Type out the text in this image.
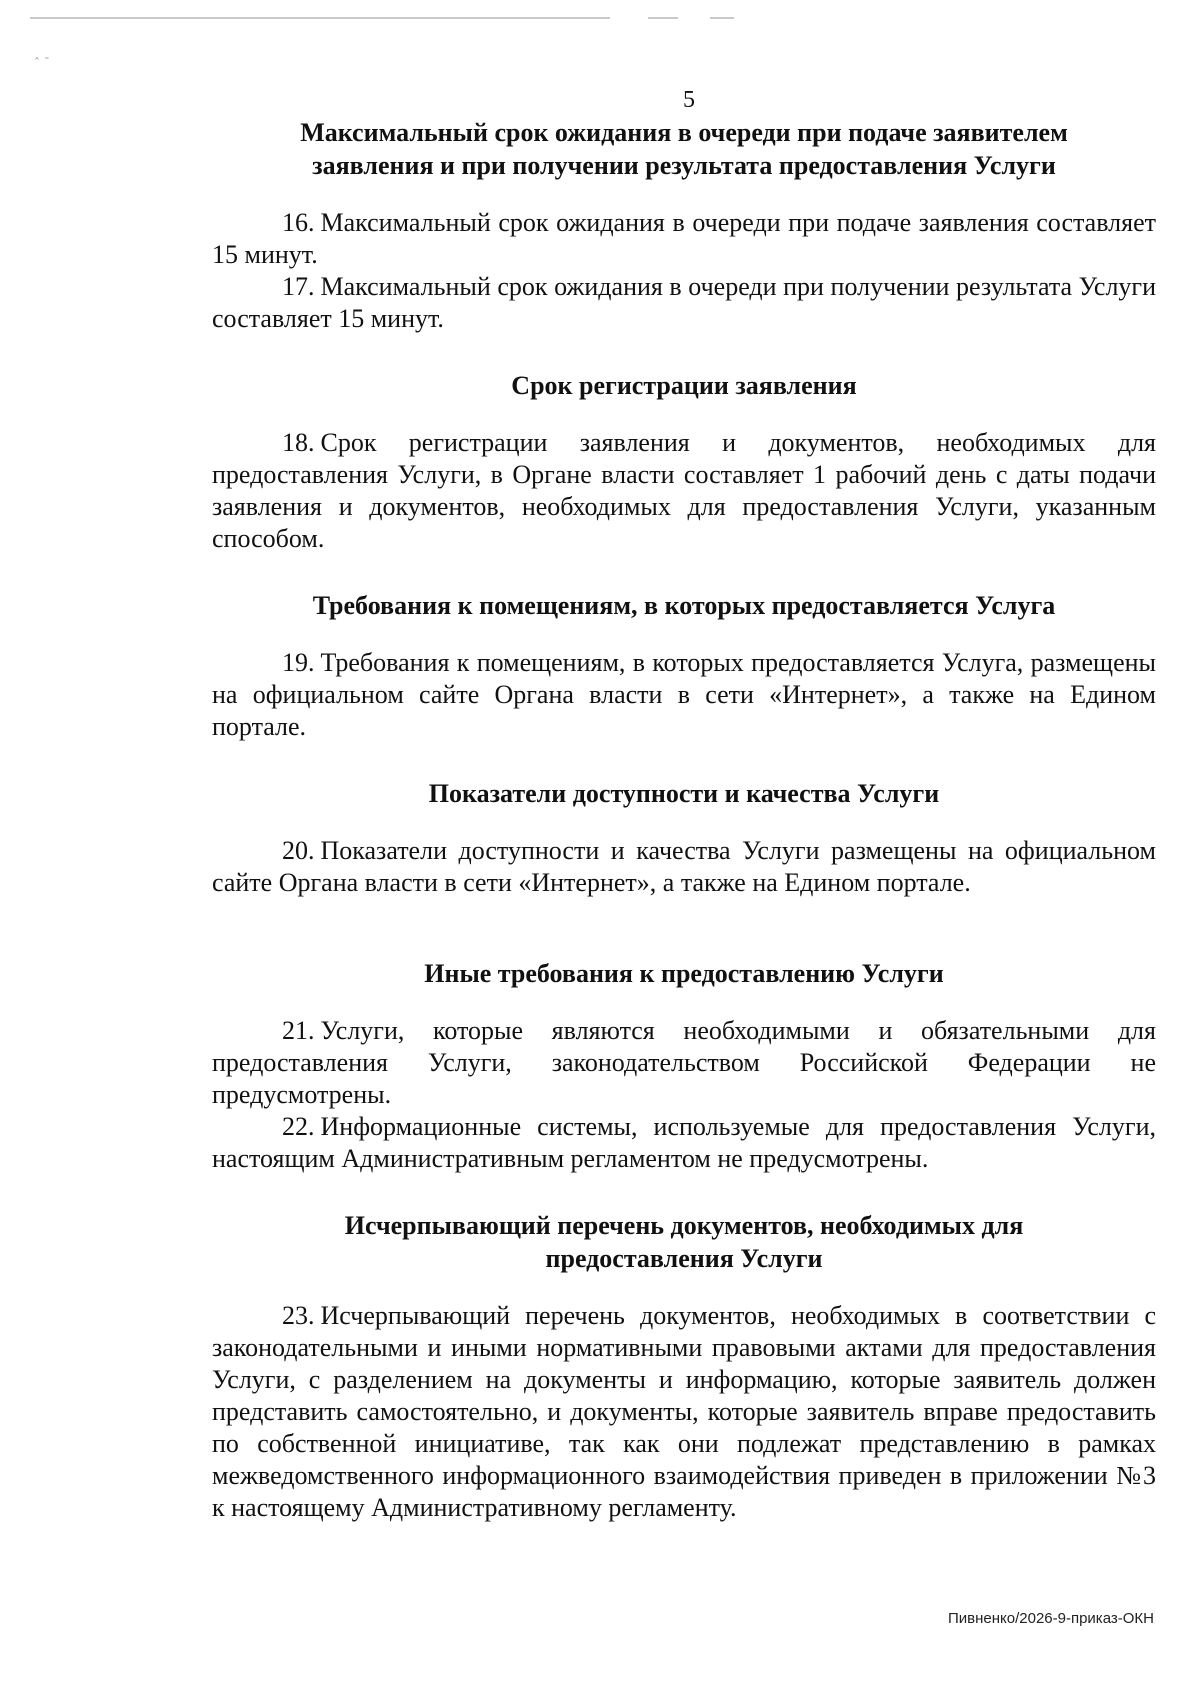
ˆ ˉ

5

Максимальный срок ожидания в очереди при подаче заявителем
заявления и при получении результата предоставления Услуги

16. Максимальный срок ожидания в очереди при подаче заявления составляет 15 минут.

17. Максимальный срок ожидания в очереди при получении результата Услуги составляет 15 минут.

Срок регистрации заявления

18. Срок регистрации заявления и документов, необходимых для предоставления Услуги, в Органе власти составляет 1 рабочий день с даты подачи заявления и документов, необходимых для предоставления Услуги, указанным способом.

Требования к помещениям, в которых предоставляется Услуга

19. Требования к помещениям, в которых предоставляется Услуга, размещены на официальном сайте Органа власти в сети «Интернет», а также на Едином портале.

Показатели доступности и качества Услуги

20. Показатели доступности и качества Услуги размещены на официальном сайте Органа власти в сети «Интернет», а также на Едином портале.

Иные требования к предоставлению Услуги

21. Услуги, которые являются необходимыми и обязательными для предоставления Услуги, законодательством Российской Федерации не предусмотрены.

22. Информационные системы, используемые для предоставления Услуги, настоящим Административным регламентом не предусмотрены.

Исчерпывающий перечень документов, необходимых для
предоставления Услуги

23. Исчерпывающий перечень документов, необходимых в соответствии с законодательными и иными нормативными правовыми актами для предоставления Услуги, с разделением на документы и информацию, которые заявитель должен представить самостоятельно, и документы, которые заявитель вправе предоставить по собственной инициативе, так как они подлежат представлению в рамках межведомственного информационного взаимодействия приведен в приложении №3 к настоящему Административному регламенту.

Пивненко/2026-9-приказ-ОКН
